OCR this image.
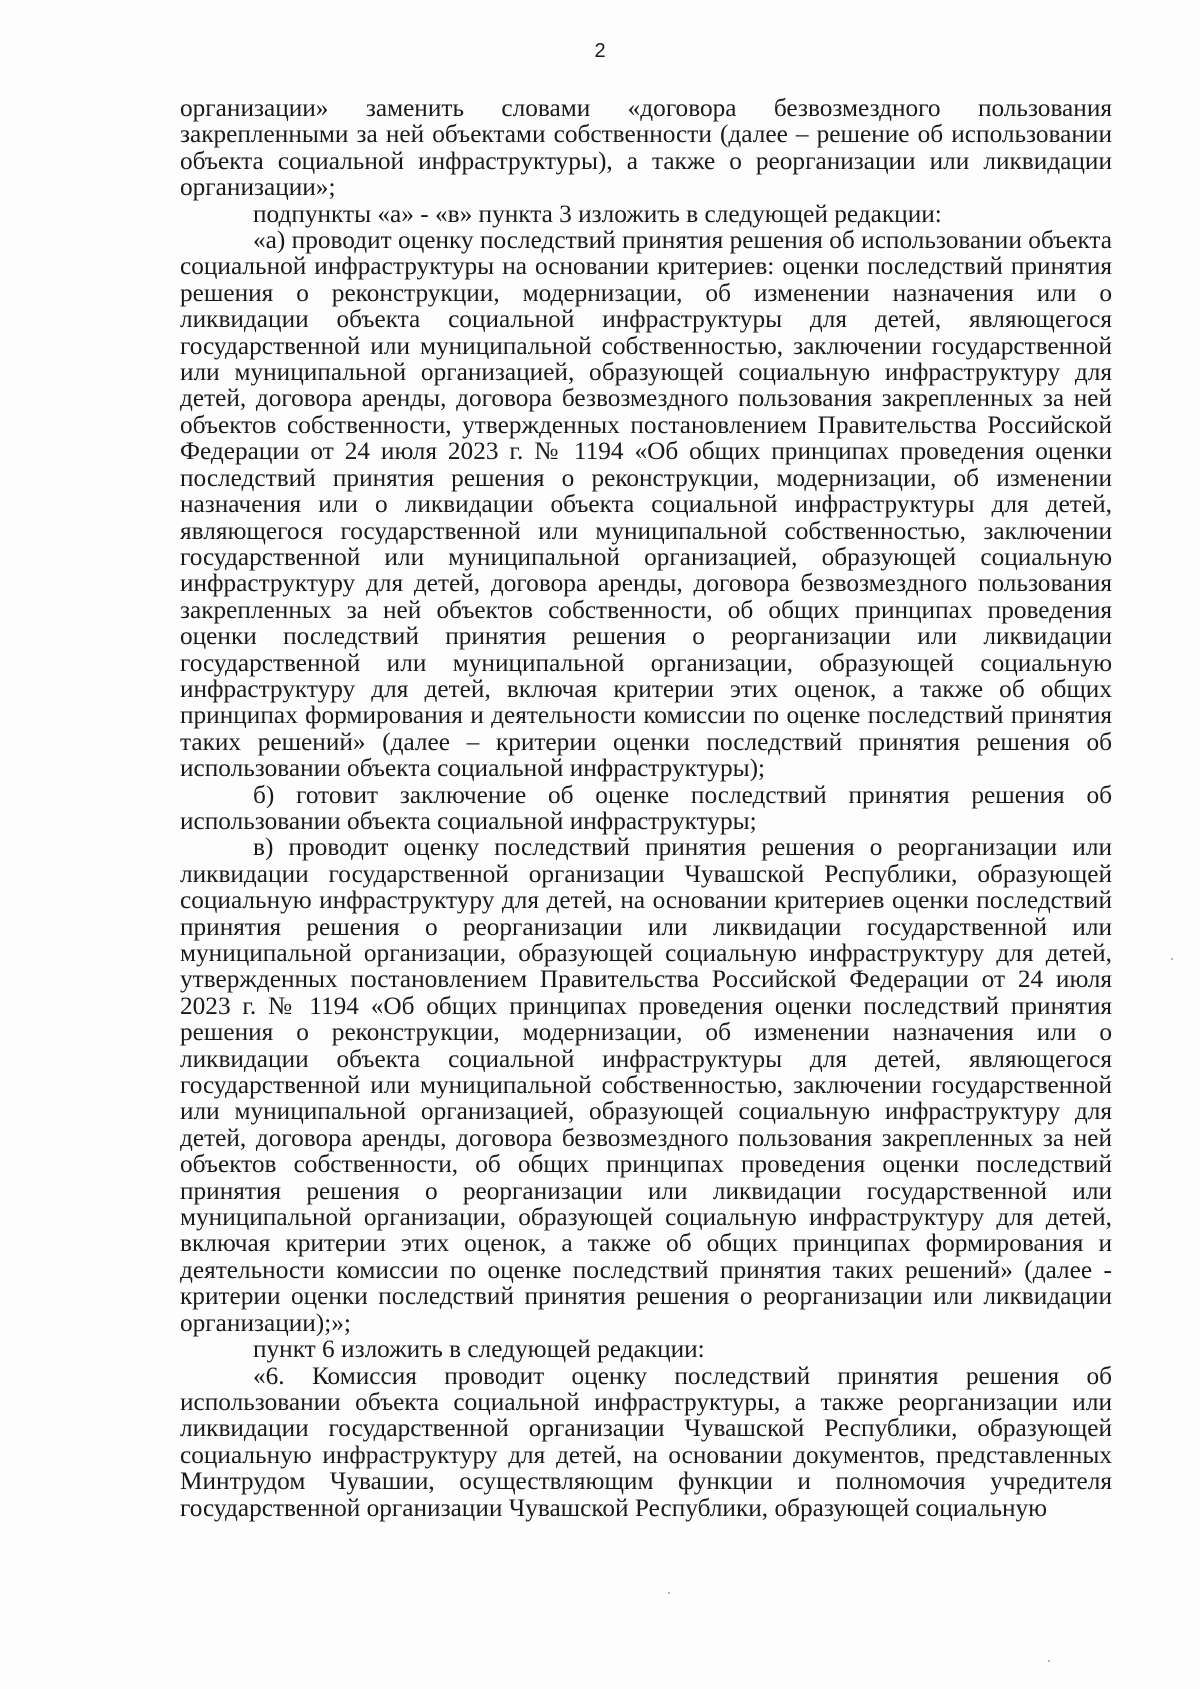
2

организации» заменить словами «договора безвозмездного пользования закрепленными за ней объектами собственности (далее – решение об использовании объекта социальной инфраструктуры), а также о реорганизации или ликвидации организации»;

подпункты «а» - «в» пункта 3 изложить в следующей редакции:

«а) проводит оценку последствий принятия решения об использовании объекта социальной инфраструктуры на основании критериев: оценки последствий принятия решения о реконструкции, модернизации, об изменении назначения или о ликвидации объекта социальной инфраструктуры для детей, являющегося государственной или муниципальной собственностью, заключении государственной или муниципальной организацией, образующей социальную инфраструктуру для детей, договора аренды, договора безвозмездного пользования закрепленных за ней объектов собственности, утвержденных постановлением Правительства Российской Федерации от 24 июля 2023 г. № 1194 «Об общих принципах проведения оценки последствий принятия решения о реконструкции, модернизации, об изменении назначения или о ликвидации объекта социальной инфраструктуры для детей, являющегося государственной или муниципальной собственностью, заключении государственной или муниципальной организацией, образующей социальную инфраструктуру для детей, договора аренды, договора безвозмездного пользования закрепленных за ней объектов собственности, об общих принципах проведения оценки последствий принятия решения о реорганизации или ликвидации государственной или муниципальной организации, образующей социальную инфраструктуру для детей, включая критерии этих оценок, а также об общих принципах формирования и деятельности комиссии по оценке последствий принятия таких решений» (далее – критерии оценки последствий принятия решения об использовании объекта социальной инфраструктуры);

б) готовит заключение об оценке последствий принятия решения об использовании объекта социальной инфраструктуры;

в) проводит оценку последствий принятия решения о реорганизации или ликвидации государственной организации Чувашской Республики, образующей социальную инфраструктуру для детей, на основании критериев оценки последствий принятия решения о реорганизации или ликвидации государственной или муниципальной организации, образующей социальную инфраструктуру для детей, утвержденных постановлением Правительства Российской Федерации от 24 июля 2023 г. № 1194 «Об общих принципах проведения оценки последствий принятия решения о реконструкции, модернизации, об изменении назначения или о ликвидации объекта социальной инфраструктуры для детей, являющегося государственной или муниципальной собственностью, заключении государственной или муниципальной организацией, образующей социальную инфраструктуру для детей, договора аренды, договора безвозмездного пользования закрепленных за ней объектов собственности, об общих принципах проведения оценки последствий принятия решения о реорганизации или ликвидации государственной или муниципальной организации, образующей социальную инфраструктуру для детей, включая критерии этих оценок, а также об общих принципах формирования и деятельности комиссии по оценке последствий принятия таких решений» (далее - критерии оценки последствий принятия решения о реорганизации или ликвидации организации);»;

пункт 6 изложить в следующей редакции:

«6. Комиссия проводит оценку последствий принятия решения об использовании объекта социальной инфраструктуры, а также реорганизации или ликвидации государственной организации Чувашской Республики, образующей социальную инфраструктуру для детей, на основании документов, представленных Минтрудом Чувашии, осуществляющим функции и полномочия учредителя государственной организации Чувашской Республики, образующей социальную
